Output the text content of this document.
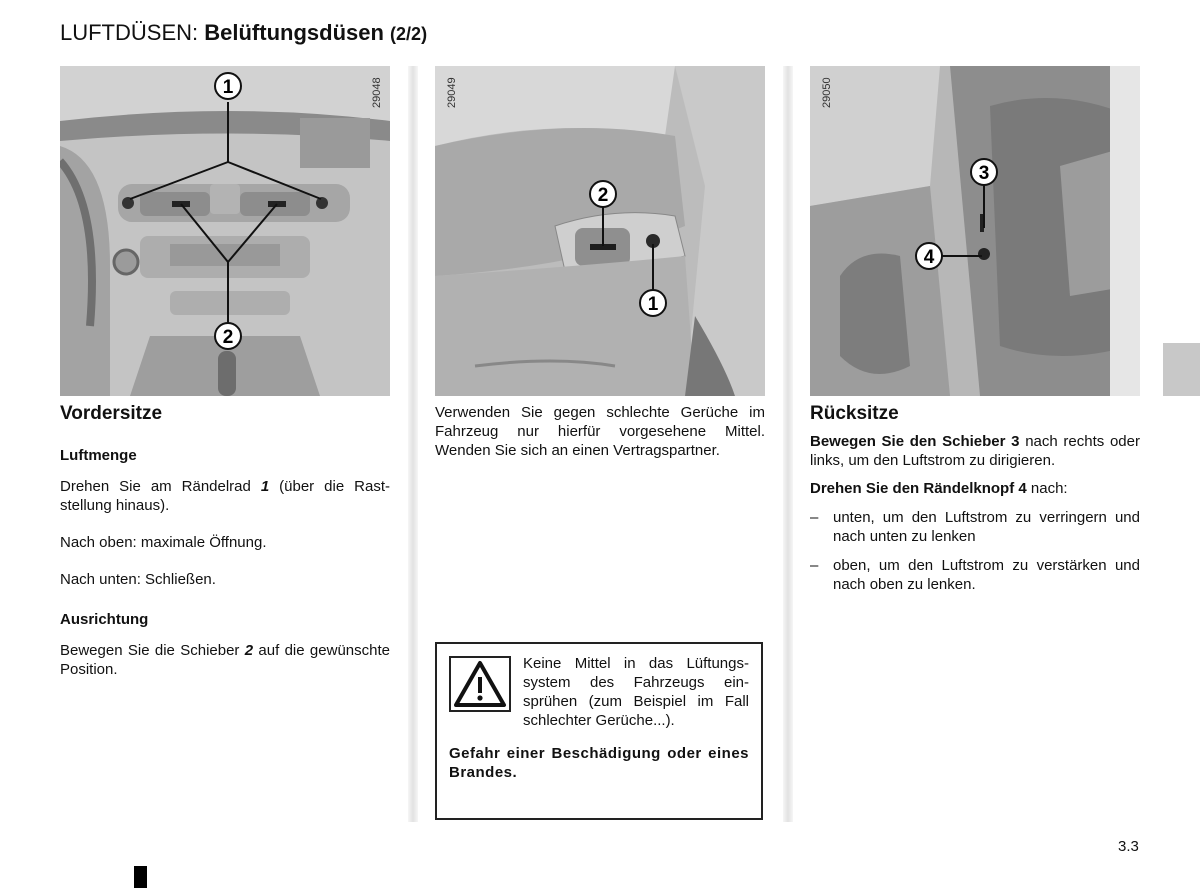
LUFTDÜSEN: Belüftungsdüsen (2/2)
1
2
29048
2
1
29049
3
4
29050
Vordersitze
Luftmenge

Drehen Sie am Rändelrad 1 (über die Raststellung hinaus).

Nach oben: maximale Öffnung.

Nach unten: Schließen.

Ausrichtung

Bewegen Sie die Schieber 2 auf die gewünschte Position.

Verwenden Sie gegen schlechte Gerüche im Fahrzeug nur hierfür vorgesehene Mittel. Wenden Sie sich an einen Vertragspartner.

Keine Mittel in das Lüftungssystem des Fahrzeugs einsprühen (zum Beispiel im Fall schlechter Gerüche...).
Gefahr einer Beschädigung oder eines Brandes.
Rücksitze

Bewegen Sie den Schieber 3 nach rechts oder links, um den Luftstrom zu dirigieren.

Drehen Sie den Rändelknopf 4 nach:

– unten, um den Luftstrom zu verringern und nach unten zu lenken
– oben, um den Luftstrom zu verstärken und nach oben zu lenken.
3.3
